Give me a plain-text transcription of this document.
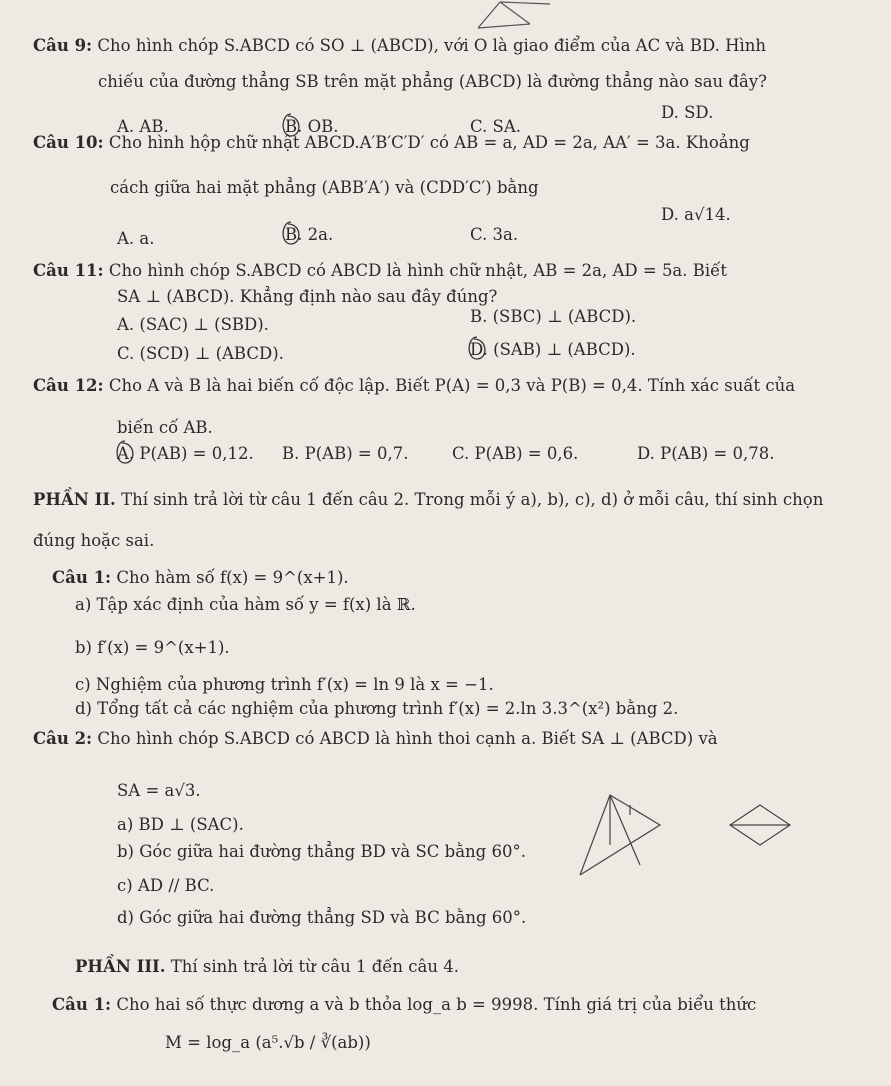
Câu 9: Cho hình chóp S.ABCD có SO ⊥ (ABCD), với O là giao điểm của AC và BD. Hình
chiếu của đường thẳng SB trên mặt phẳng (ABCD) là đường thẳng nào sau đây?
A. AB.	B. OB.	C. SA.
D. SD.
Câu 10: Cho hình hộp chữ nhật ABCD.A′B′C′D′ có AB = a, AD = 2a, AA′ = 3a. Khoảng
cách giữa hai mặt phẳng (ABB′A′) và (CDD′C′) bằng
A. a.	B. 2a.	C. 3a.
D. a√14.
Câu 11: Cho hình chóp S.ABCD có ABCD là hình chữ nhật, AB = 2a, AD = 5a. Biết
SA ⊥ (ABCD). Khẳng định nào sau đây đúng?
A. (SAC) ⊥ (SBD).	B. (SBC) ⊥ (ABCD).
C. (SCD) ⊥ (ABCD).	D. (SAB) ⊥ (ABCD).
Câu 12: Cho A và B là hai biến cố độc lập. Biết P(A) = 0,3 và P(B) = 0,4. Tính xác suất của
biến cố AB.
A. P(AB) = 0,12. B. P(AB) = 0,7.	C. P(AB) = 0,6.	D. P(AB) = 0,78.
PHẦN II. Thí sinh trả lời từ câu 1 đến câu 2. Trong mỗi ý a), b), c), d) ở mỗi câu, thí sinh chọn
đúng hoặc sai.
Câu 1: Cho hàm số f(x) = 9^(x+1).
a) Tập xác định của hàm số y = f(x) là ℝ.
b) f′(x) = 9^(x+1).
c) Nghiệm của phương trình f′(x) = ln 9 là x = −1.
d) Tổng tất cả các nghiệm của phương trình f′(x) = 2.ln 3.3^(x²) bằng 2.
Câu 2: Cho hình chóp S.ABCD có ABCD là hình thoi cạnh a. Biết SA ⊥ (ABCD) và
SA = a√3.
a) BD ⊥ (SAC).
b) Góc giữa hai đường thẳng BD và SC bằng 60°.
c) AD // BC.
d) Góc giữa hai đường thẳng SD và BC bằng 60°.
PHẦN III. Thí sinh trả lời từ câu 1 đến câu 4.
Câu 1: Cho hai số thực dương a và b thỏa log_a b = 9998. Tính giá trị của biểu thức
M = log_a (a⁵.√b / ∛(ab))
